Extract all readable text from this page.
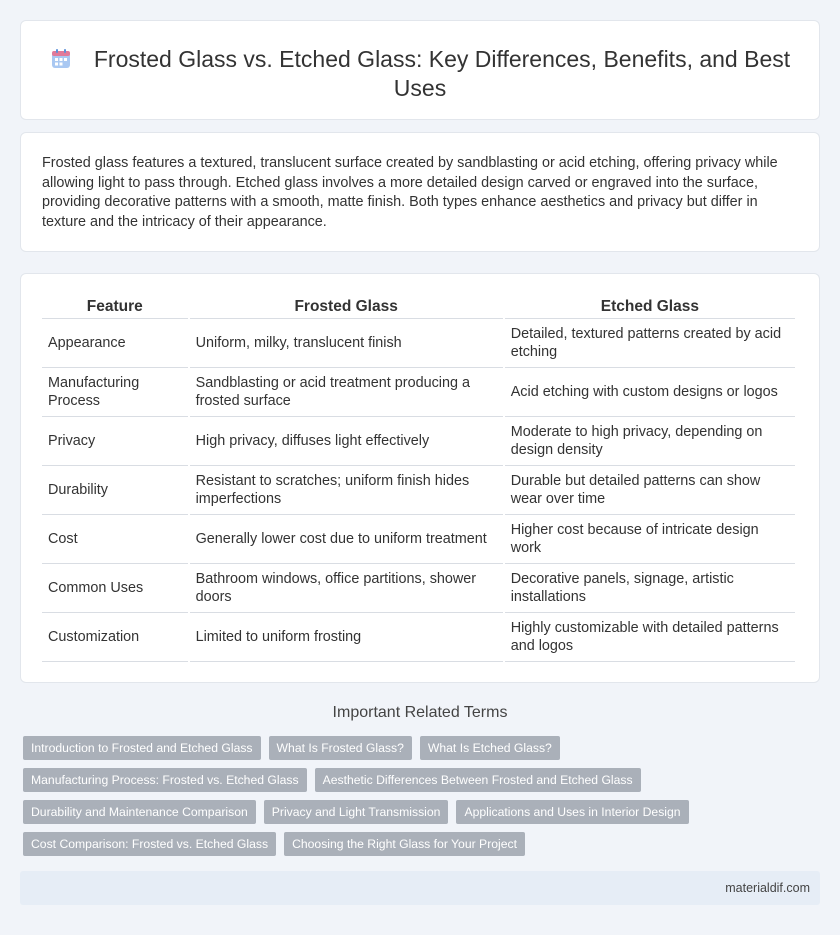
Frosted Glass vs. Etched Glass: Key Differences, Benefits, and Best Uses

Frosted glass features a textured, translucent surface created by sandblasting or acid etching, offering privacy while allowing light to pass through. Etched glass involves a more detailed design carved or engraved into the surface, providing decorative patterns with a smooth, matte finish. Both types enhance aesthetics and privacy but differ in texture and the intricacy of their appearance.

Feature	Frosted Glass	Etched Glass
Appearance	Uniform, milky, translucent finish	Detailed, textured patterns created by acid etching
Manufacturing Process	Sandblasting or acid treatment producing a frosted surface	Acid etching with custom designs or logos
Privacy	High privacy, diffuses light effectively	Moderate to high privacy, depending on design density
Durability	Resistant to scratches; uniform finish hides imperfections	Durable but detailed patterns can show wear over time
Cost	Generally lower cost due to uniform treatment	Higher cost because of intricate design work
Common Uses	Bathroom windows, office partitions, shower doors	Decorative panels, signage, artistic installations
Customization	Limited to uniform frosting	Highly customizable with detailed patterns and logos
Important Related Terms
Introduction to Frosted and Etched Glass	What Is Frosted Glass?	What Is Etched Glass?
Manufacturing Process: Frosted vs. Etched Glass	Aesthetic Differences Between Frosted and Etched Glass
Durability and Maintenance Comparison	Privacy and Light Transmission	Applications and Uses in Interior Design
Cost Comparison: Frosted vs. Etched Glass	Choosing the Right Glass for Your Project
materialdif.com
